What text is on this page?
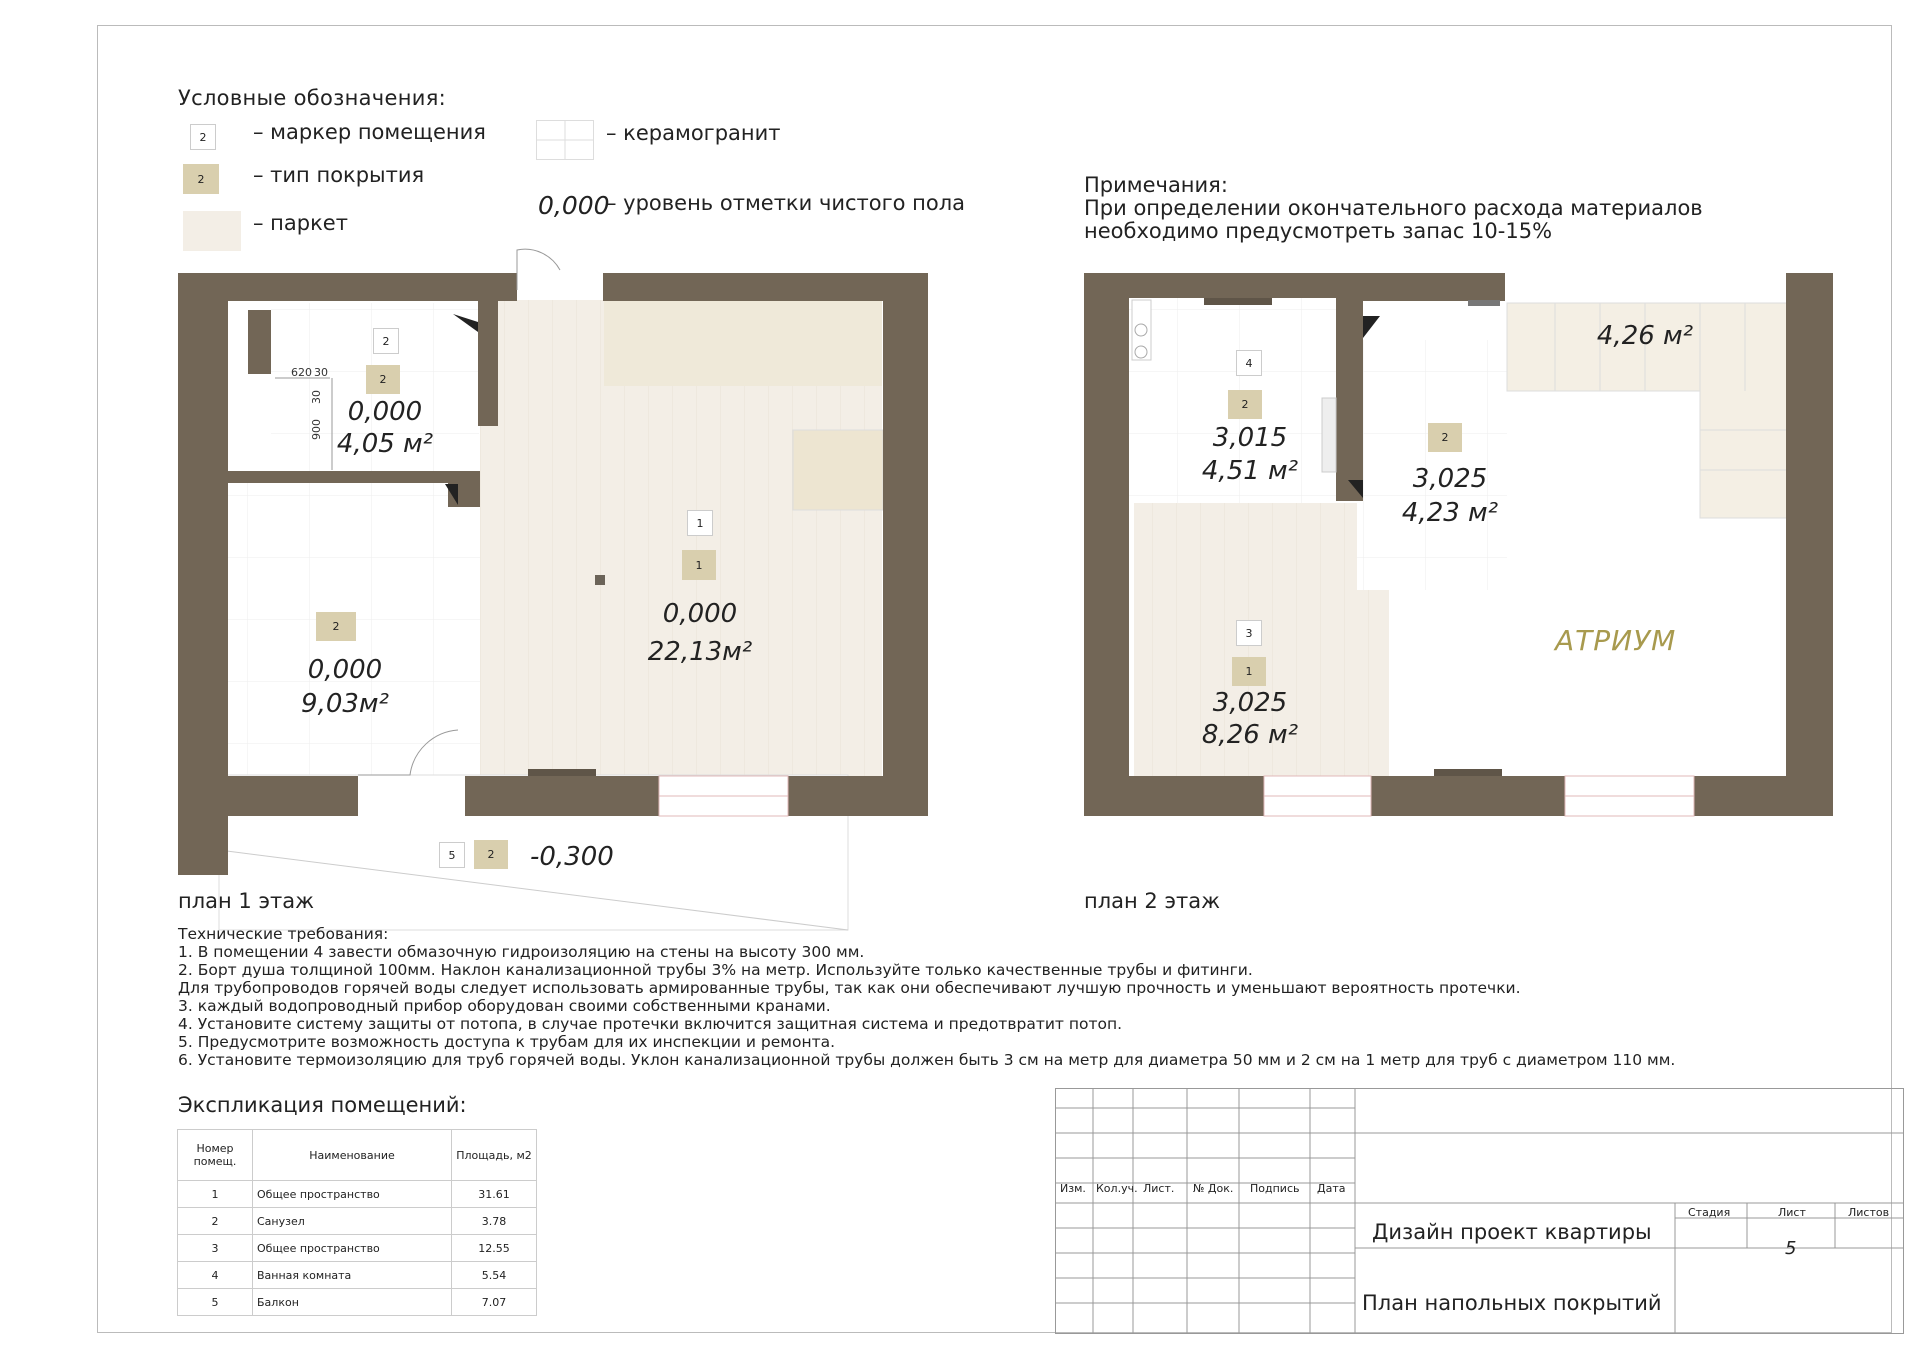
Условные обозначения:
2	– маркер помещения
2	– тип покрытия
– паркет
– керамогранит
0,000
– уровень отметки чистого пола
Примечания:
При определении окончательного расхода материалов
необходимо предусмотреть запас 10-15%
620 30
30
900
2
2
0,000
4,05 м²
1
1
0,000
22,13м²
2
0,000
9,03м²
5	2	-0,300
план 1 этаж
4
2
3,015
4,51 м²
2
3,025
4,23 м²
3
1
3,025
8,26 м²
4,26 м²
АТРИУМ
план 2 этаж
Технические требования:
1. В помещении 4 завести обмазочную гидроизоляцию на стены на высоту 300 мм.
2. Борт душа толщиной 100мм. Наклон канализационной трубы 3% на метр. Используйте только качественные трубы и фитинги.
Для трубопроводов горячей воды следует использовать армированные трубы, так как они обеспечивают лучшую прочность и уменьшают вероятность протечки.
3. каждый водопроводный прибор оборудован своими собственными кранами.
4. Установите систему защиты от потопа, в случае протечки включится защитная система и предотвратит потоп.
5. Предусмотрите возможность доступа к трубам для их инспекции и ремонта.
6. Установите термоизоляцию для труб горячей воды. Уклон канализационной трубы должен быть 3 см на метр для диаметра 50 мм и 2 см на 1 метр для труб с диаметром 110 мм.
Экспликация помещений:
Номер помещ.	Наименование	Площадь, м2
1	Общее пространство	31.61
2	Санузел	3.78
3	Общее пространство	12.55
4	Ванная комната	5.54
5	Балкон	7.07
Изм. Кол.уч. Лист. № Док. Подпись Дата
Дизайн проект квартиры
План напольных покрытий
Стадия	Лист	Листов
5
